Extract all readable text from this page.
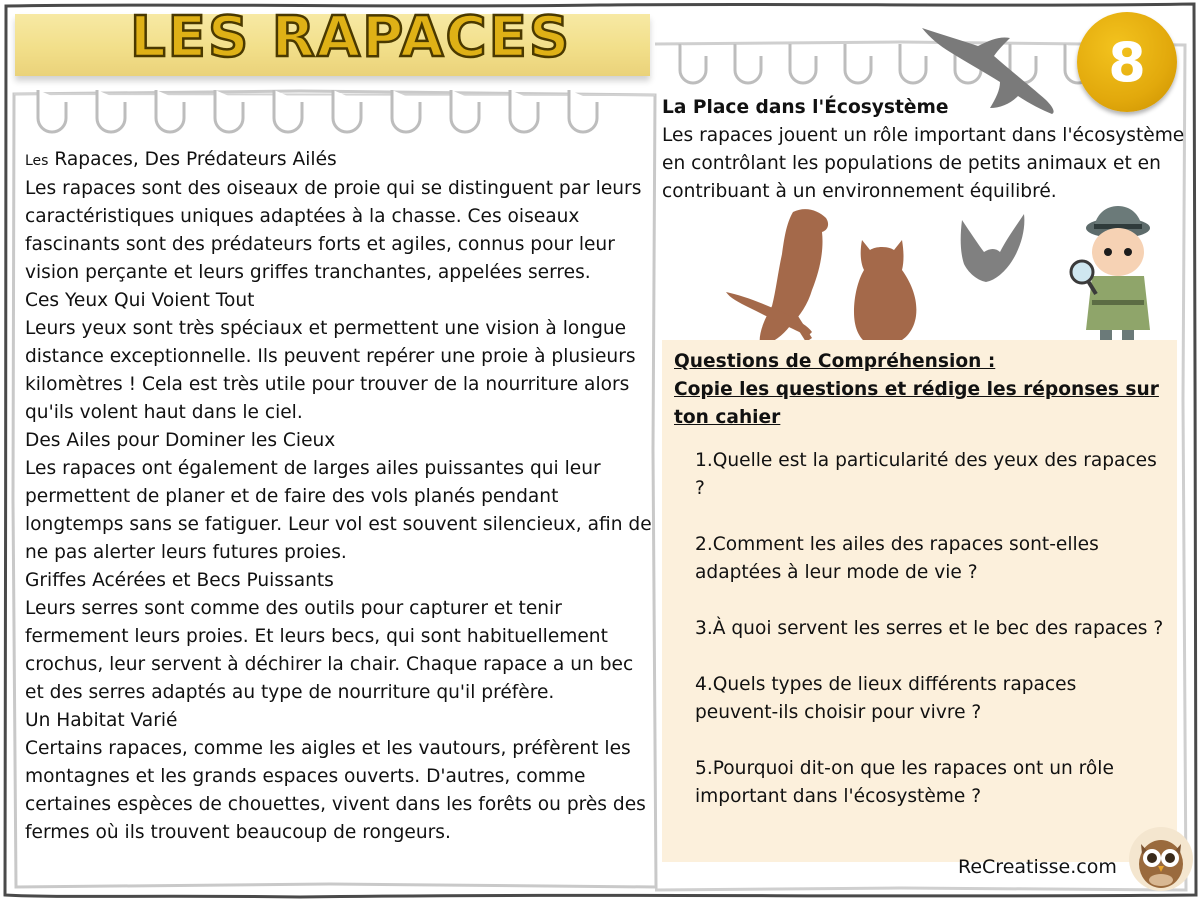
LES RAPACES	8
Les Rapaces, Des Prédateurs Ailés

Les rapaces sont des oiseaux de proie qui se distinguent par leurs caractéristiques uniques adaptées à la chasse. Ces oiseaux fascinants sont des prédateurs forts et agiles, connus pour leur vision perçante et leurs griffes tranchantes, appelées serres.

Ces Yeux Qui Voient Tout

Leurs yeux sont très spéciaux et permettent une vision à longue distance exceptionnelle. Ils peuvent repérer une proie à plusieurs kilomètres ! Cela est très utile pour trouver de la nourriture alors qu'ils volent haut dans le ciel.

Des Ailes pour Dominer les Cieux

Les rapaces ont également de larges ailes puissantes qui leur permettent de planer et de faire des vols planés pendant longtemps sans se fatiguer. Leur vol est souvent silencieux, afin de ne pas alerter leurs futures proies.

Griffes Acérées et Becs Puissants

Leurs serres sont comme des outils pour capturer et tenir fermement leurs proies. Et leurs becs, qui sont habituellement crochus, leur servent à déchirer la chair. Chaque rapace a un bec et des serres adaptés au type de nourriture qu'il préfère.

Un Habitat Varié

Certains rapaces, comme les aigles et les vautours, préfèrent les montagnes et les grands espaces ouverts. D'autres, comme certaines espèces de chouettes, vivent dans les forêts ou près des fermes où ils trouvent beaucoup de rongeurs.

La Place dans l'Écosystème

Les rapaces jouent un rôle important dans l'écosystème en contrôlant les populations de petits animaux et en contribuant à un environnement équilibré.

Questions de Compréhension :

Copie les questions et rédige les réponses sur ton cahier

1.Quelle est la particularité des yeux des rapaces ?
2.Comment les ailes des rapaces sont-elles adaptées à leur mode de vie ?
3.À quoi servent les serres et le bec des rapaces ?
4.Quels types de lieux différents rapaces peuvent-ils choisir pour vivre ?
5.Pourquoi dit-on que les rapaces ont un rôle important dans l'écosystème ?
ReCreatisse.com
